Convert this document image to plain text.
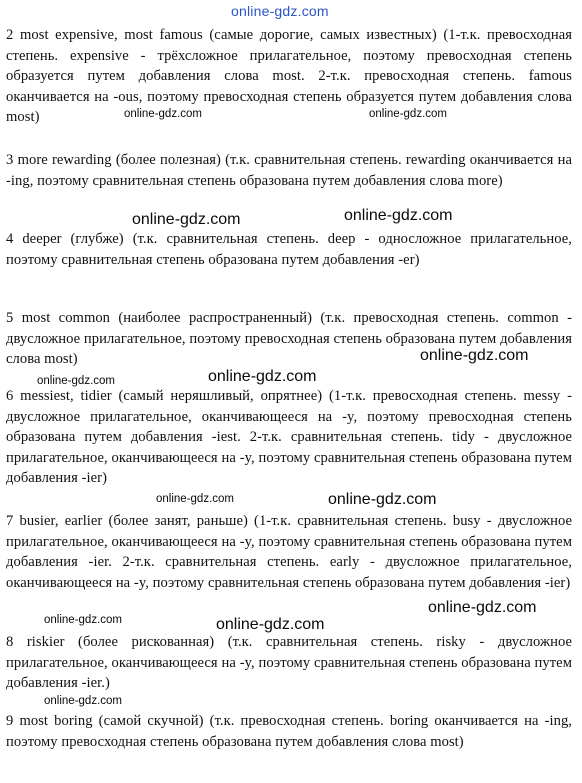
online-gdz.com

2 most expensive, most famous (самые дорогие, самых известных) (1-т.к. превосходная степень. expensive - трёхсложное прилагательное, поэтому превосходная степень образуется путем добавления слова most. 2-т.к. превосходная степень. famous оканчивается на -ous, поэтому превосходная степень образуется путем добавления слова most)

3 more rewarding (более полезная) (т.к. сравнительная степень. rewarding оканчивается на -ing, поэтому сравнительная степень образована путем добавления слова more)

4 deeper (глубже) (т.к. сравнительная степень. deep - односложное прилагательное, поэтому сравнительная степень образована путем добавления -er)

5 most common (наиболее распространенный) (т.к. превосходная степень. common - двусложное прилагательное, поэтому превосходная степень образована путем добавления слова most)

6 messiest, tidier (самый неряшливый, опрятнее) (1-т.к. превосходная степень. messy - двусложное прилагательное, оканчивающееся на -y, поэтому превосходная степень образована путем добавления -iest. 2-т.к. сравнительная степень. tidy - двусложное прилагательное, оканчивающееся на -y, поэтому сравнительная степень образована путем добавления -ier)

7 busier, earlier (более занят, раньше) (1-т.к. сравнительная степень. busy - двусложное прилагательное, оканчивающееся на -y, поэтому сравнительная степень образована путем добавления -ier. 2-т.к. сравнительная степень. early - двусложное прилагательное, оканчивающееся на -y, поэтому сравнительная степень образована путем добавления -ier)

8 riskier (более рискованная) (т.к. сравнительная степень. risky - двусложное прилагательное, оканчивающееся на -y, поэтому сравнительная степень образована путем добавления -ier.)

9 most boring (самой скучной) (т.к. превосходная степень. boring оканчивается на -ing, поэтому превосходная степень образована путем добавления слова most)

online-gdz.com	online-gdz.com
online-gdz.com	online-gdz.com
online-gdz.com
online-gdz.com	online-gdz.com
online-gdz.com	online-gdz.com
online-gdz.com
online-gdz.com	online-gdz.com
online-gdz.com
